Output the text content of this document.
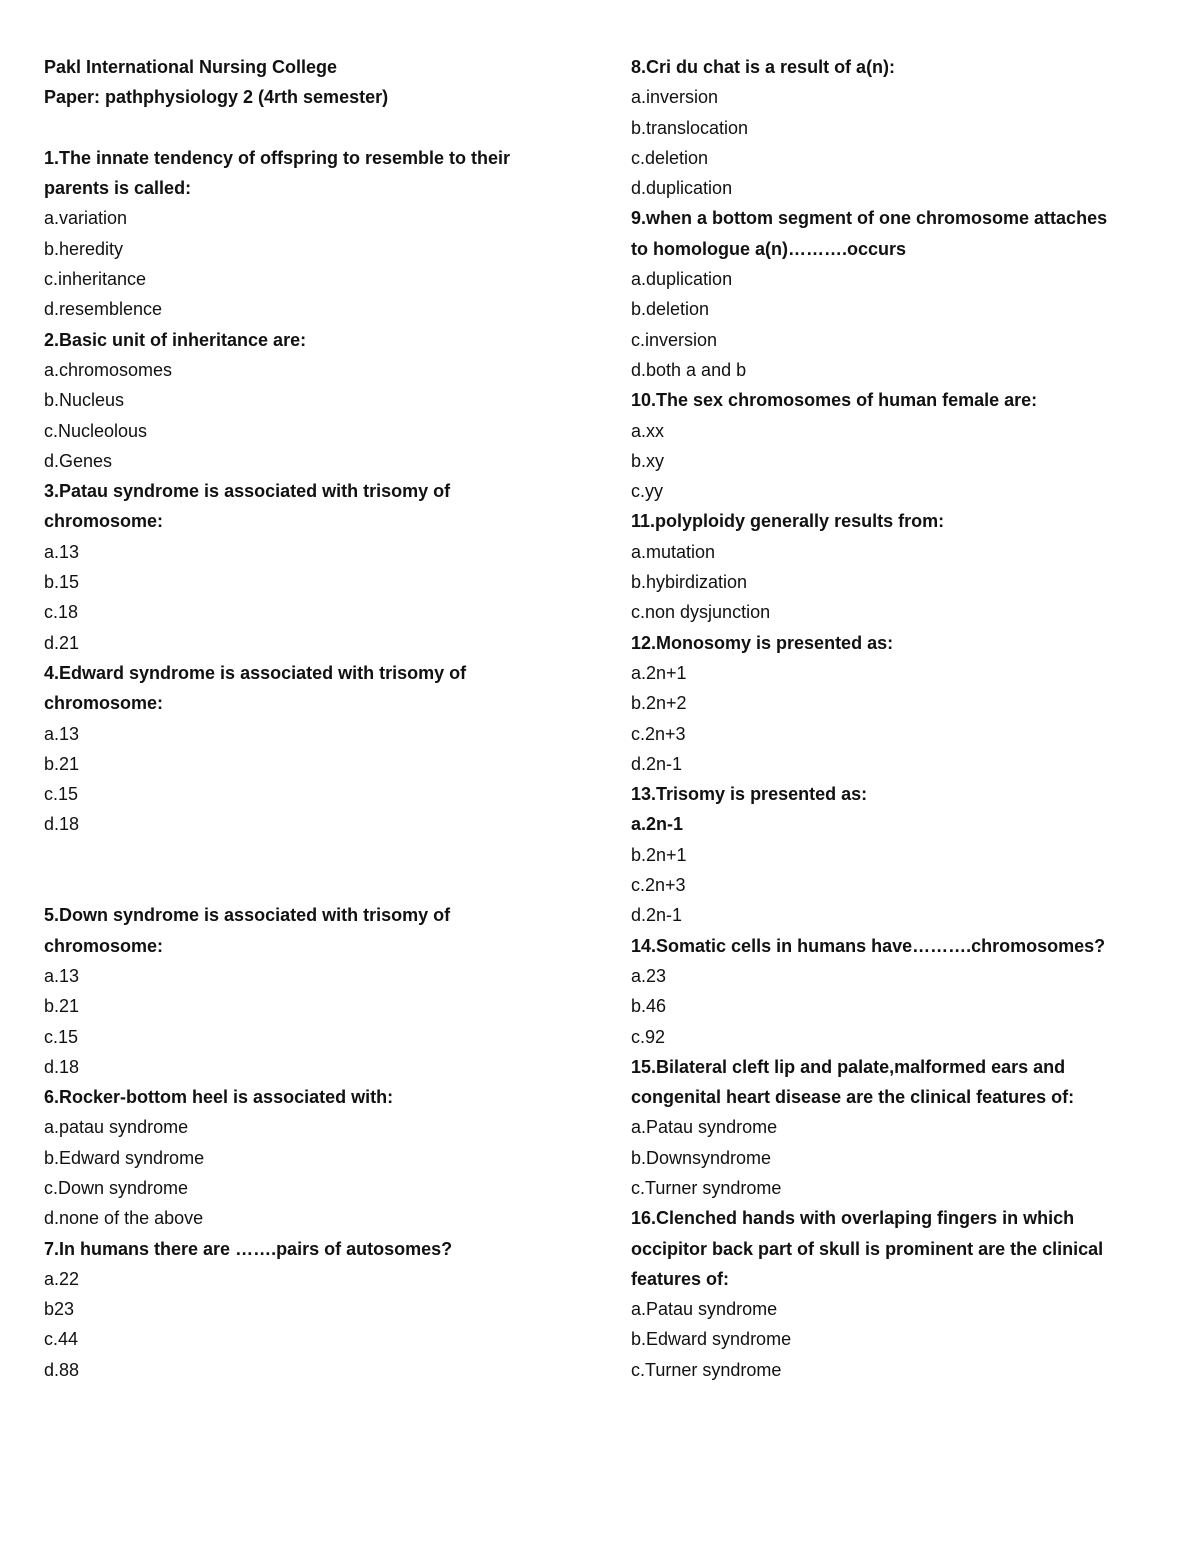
Pakl International Nursing College
Paper: pathphysiology 2 (4rth semester)
1.The innate tendency of offspring to resemble to their
parents is called:
a.variation
b.heredity
c.inheritance
d.resemblence
2.Basic unit of inheritance are:
a.chromosomes
b.Nucleus
c.Nucleolous
d.Genes
3.Patau syndrome is associated with trisomy of
chromosome:
a.13
b.15
c.18
d.21
4.Edward syndrome is associated with trisomy of
chromosome:
a.13
b.21
c.15
d.18
5.Down syndrome is associated with trisomy of
chromosome:
a.13
b.21
c.15
d.18
6.Rocker-bottom heel is associated with:
a.patau syndrome
b.Edward syndrome
c.Down syndrome
d.none of the above
7.In humans there are …….pairs of autosomes?
a.22
b23
c.44
d.88
8.Cri du chat is a result of a(n):
a.inversion
b.translocation
c.deletion
d.duplication
9.when a bottom segment of one chromosome attaches
to homologue a(n)……….occurs
a.duplication
b.deletion
c.inversion
d.both a and b
10.The sex chromosomes of human female are:
a.xx
b.xy
c.yy
11.polyploidy generally results from:
a.mutation
b.hybirdization
c.non dysjunction
12.Monosomy is presented as:
a.2n+1
b.2n+2
c.2n+3
d.2n-1
13.Trisomy is presented as:
a.2n-1
b.2n+1
c.2n+3
d.2n-1
14.Somatic cells in humans have……….chromosomes?
a.23
b.46
c.92
15.Bilateral cleft lip and palate,malformed ears and
congenital heart disease are the clinical features of:
a.Patau syndrome
b.Downsyndrome
c.Turner syndrome
16.Clenched hands with overlaping fingers in which
occipitor back part of skull is prominent are the clinical
features of:
a.Patau syndrome
b.Edward syndrome
c.Turner syndrome
